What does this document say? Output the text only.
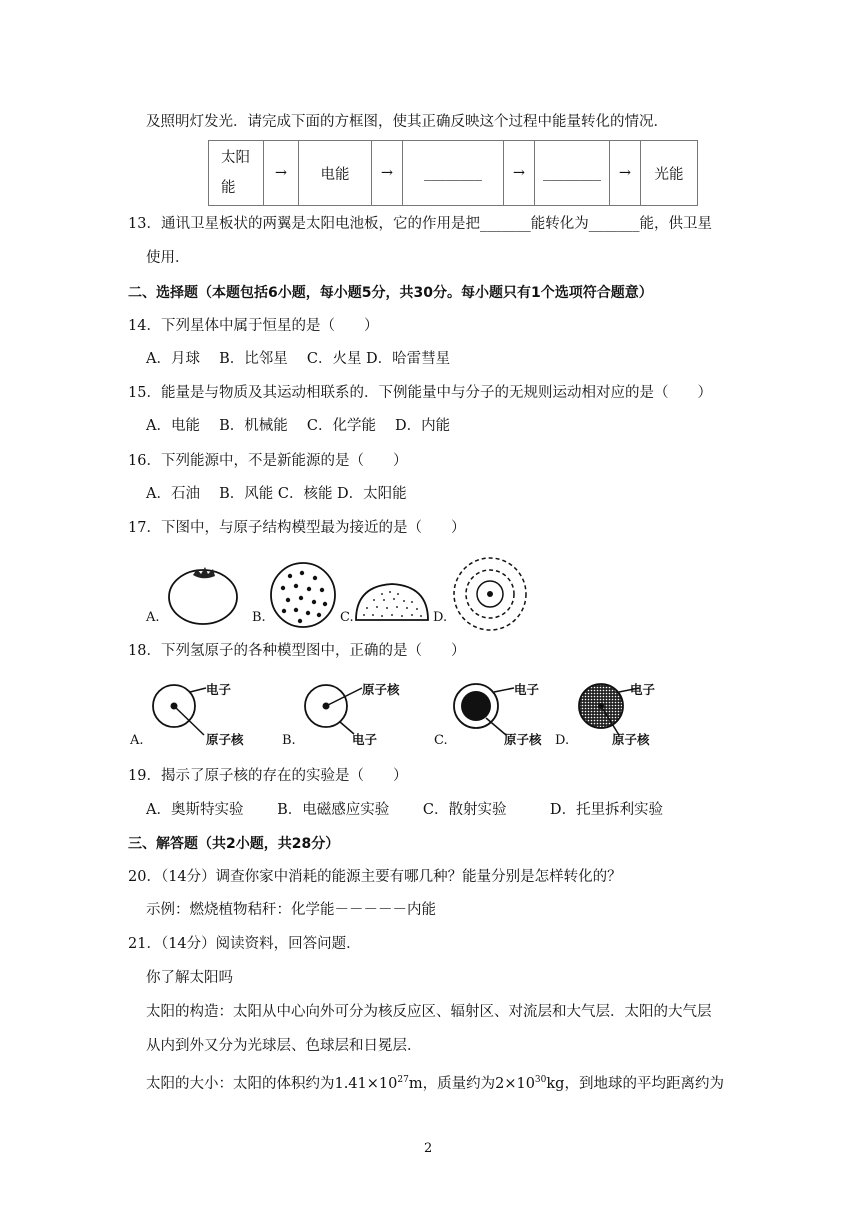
及照明灯发光．请完成下面的方框图，使其正确反映这个过程中能量转化的情况．
太阳能	→	电能	→	________	→	________	→	光能
13．通讯卫星板状的两翼是太阳电池板，它的作用是把_______能转化为_______能，供卫星
使用．
二、选择题（本题包括6小题，每小题5分，共30分。每小题只有1个选项符合题意）
14．下列星体中属于恒星的是（　　）
A．月球　 B．比邻星　 C．火星 D．哈雷彗星
15．能量是与物质及其运动相联系的．下例能量中与分子的无规则运动相对应的是（　　）
A．电能　 B．机械能　 C．化学能　 D．内能
16．下列能源中，不是新能源的是（　　）
A．石油　 B．风能 C．核能 D．太阳能
17．下图中，与原子结构模型最为接近的是（　　）
A.	B.	C.	D.
18．下列氢原子的各种模型图中，正确的是（　　）
A.
电子
原子核	B.
原子核
电子	C.
电子
原子核 D.
电子
原子核
19．揭示了原子核的存在的实验是（　　）
A．奥斯特实验　　 B．电磁感应实验　　 C．散射实验　　　D．托里拆利实验
三、解答题（共2小题，共28分）
20．（14分）调查你家中消耗的能源主要有哪几种？能量分别是怎样转化的？
示例：燃烧植物秸秆：化学能－－－－－内能
21．（14分）阅读资料，回答问题．
你了解太阳吗
太阳的构造：太阳从中心向外可分为核反应区、辐射区、对流层和大气层．太阳的大气层
从内到外又分为光球层、色球层和日冕层．
太阳的大小：太阳的体积约为$1.41\times 10^{27}m$，质量约为$2\times 10^{30}kg$，到地球的平均距离约为
2
